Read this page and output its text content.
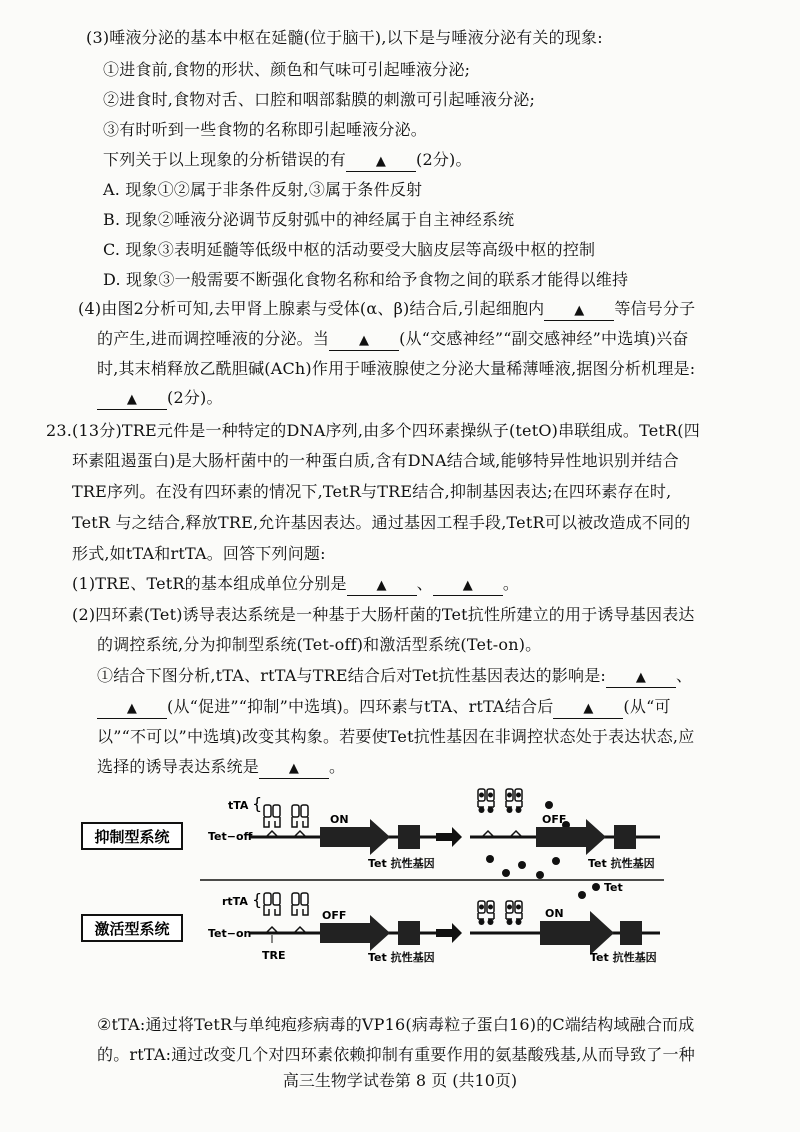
(3)唾液分泌的基本中枢在延髓(位于脑干),以下是与唾液分泌有关的现象:
①进食前,食物的形状、颜色和气味可引起唾液分泌;
②进食时,食物对舌、口腔和咽部黏膜的刺激可引起唾液分泌;
③有时听到一些食物的名称即引起唾液分泌。
下列关于以上现象的分析错误的有 ▲ (2分)。
A. 现象①②属于非条件反射,③属于条件反射
B. 现象②唾液分泌调节反射弧中的神经属于自主神经系统
C. 现象③表明延髓等低级中枢的活动要受大脑皮层等高级中枢的控制
D. 现象③一般需要不断强化食物名称和给予食物之间的联系才能得以维持
(4)由图2分析可知,去甲肾上腺素与受体(α、β)结合后,引起细胞内 ▲ 等信号分子
的产生,进而调控唾液的分泌。当 ▲ (从“交感神经”“副交感神经”中选填)兴奋
时,其末梢释放乙酰胆碱(ACh)作用于唾液腺使之分泌大量稀薄唾液,据图分析机理是:
▲ (2分)。
23.(13分)TRE元件是一种特定的DNA序列,由多个四环素操纵子(tetO)串联组成。TetR(四
环素阻遏蛋白)是大肠杆菌中的一种蛋白质,含有DNA结合域,能够特异性地识别并结合
TRE序列。在没有四环素的情况下,TetR与TRE结合,抑制基因表达;在四环素存在时,
TetR 与之结合,释放TRE,允许基因表达。通过基因工程手段,TetR可以被改造成不同的
形式,如tTA和rtTA。回答下列问题:
(1)TRE、TetR的基本组成单位分别是 ▲ 、 ▲ 。
(2)四环素(Tet)诱导表达系统是一种基于大肠杆菌的Tet抗性所建立的用于诱导基因表达
的调控系统,分为抑制型系统(Tet-off)和激活型系统(Tet-on)。
①结合下图分析,tTA、rtTA与TRE结合后对Tet抗性基因表达的影响是: ▲ 、
▲ (从“促进”“抑制”中选填)。四环素与tTA、rtTA结合后 ▲ (从“可
以”“不可以”中选填)改变其构象。若要使Tet抗性基因在非调控状态处于表达状态,应
选择的诱导表达系统是 ▲ 。
抑制型系统
激活型系统
tTA
Tet−off
{
ON
Tet 抗性基因
OFF
Tet 抗性基因
Tet
rtTA
Tet−on
{
TRE
OFF
Tet 抗性基因
ON
Tet 抗性基因
②tTA:通过将TetR与单纯疱疹病毒的VP16(病毒粒子蛋白16)的C端结构域融合而成
的。rtTA:通过改变几个对四环素依赖抑制有重要作用的氨基酸残基,从而导致了一种
高三生物学试卷第 8 页 (共10页)
